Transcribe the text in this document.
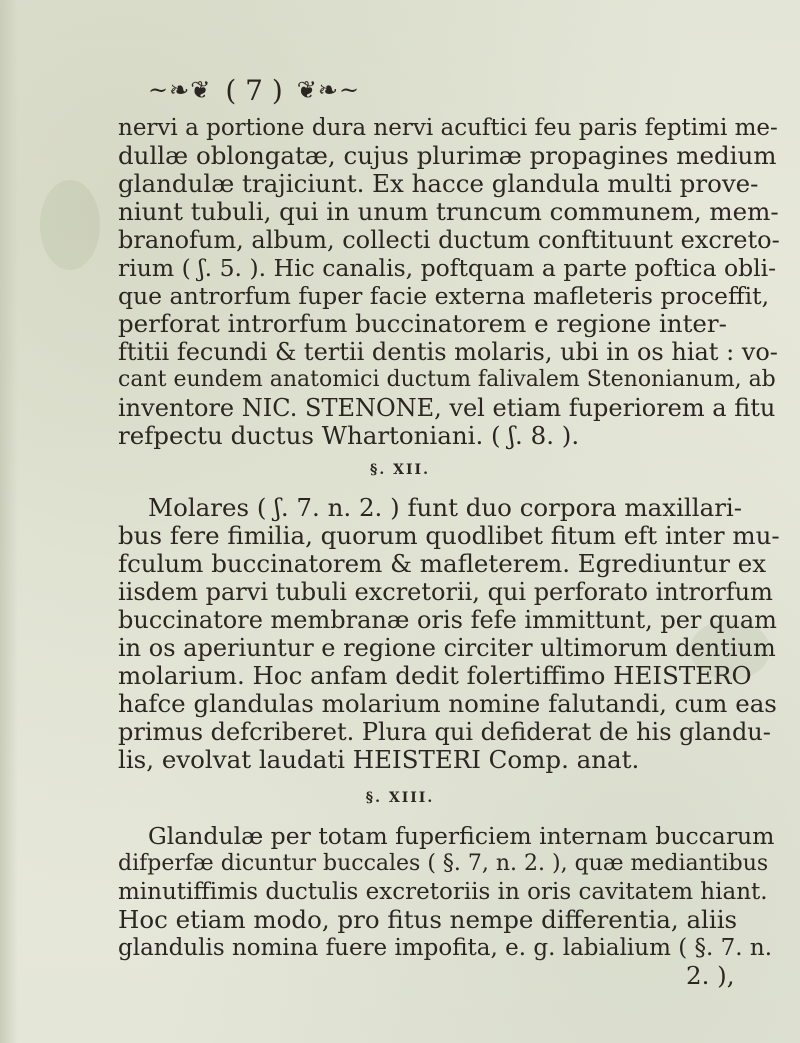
~❧❦ ( 7 ) ❦❧~
nervi a portione dura nervi acuftici feu paris feptimi me-
dullæ oblongatæ, cujus plurimæ propagines medium
glandulæ trajiciunt. Ex hacce glandula multi prove-
niunt tubuli, qui in unum truncum communem, mem-
branofum, album, collecti ductum conftituunt excreto-
rium ( ʃ. 5. ). Hic canalis, poftquam a parte poftica obli-
que antrorfum fuper facie externa mafleteris proceffit,
perforat introrfum buccinatorem e regione inter-
ftitii fecundi & tertii dentis molaris, ubi in os hiat : vo-
cant eundem anatomici ductum falivalem Stenonianum, ab
inventore NIC. STENONE, vel etiam fuperiorem a fitu
refpectu ductus Whartoniani. ( ʃ. 8. ).
§. XII.
Molares ( ʃ. 7. n. 2. ) funt duo corpora maxillari-
bus fere fimilia, quorum quodlibet fitum eft inter mu-
fculum buccinatorem & mafleterem. Egrediuntur ex
iisdem parvi tubuli excretorii, qui perforato introrfum
buccinatore membranæ oris fefe immittunt, per quam
in os aperiuntur e regione circiter ultimorum dentium
molarium. Hoc anfam dedit folertiffimo HEISTERO
hafce glandulas molarium nomine falutandi, cum eas
primus defcriberet. Plura qui defiderat de his glandu-
lis, evolvat laudati HEISTERI Comp. anat.
§. XIII.
Glandulæ per totam fuperficiem internam buccarum
difperfæ dicuntur buccales ( §. 7, n. 2. ), quæ mediantibus
minutiffimis ductulis excretoriis in oris cavitatem hiant.
Hoc etiam modo, pro fitus nempe differentia, aliis
glandulis nomina fuere impofita, e. g. labialium ( §. 7. n.
2. ),
